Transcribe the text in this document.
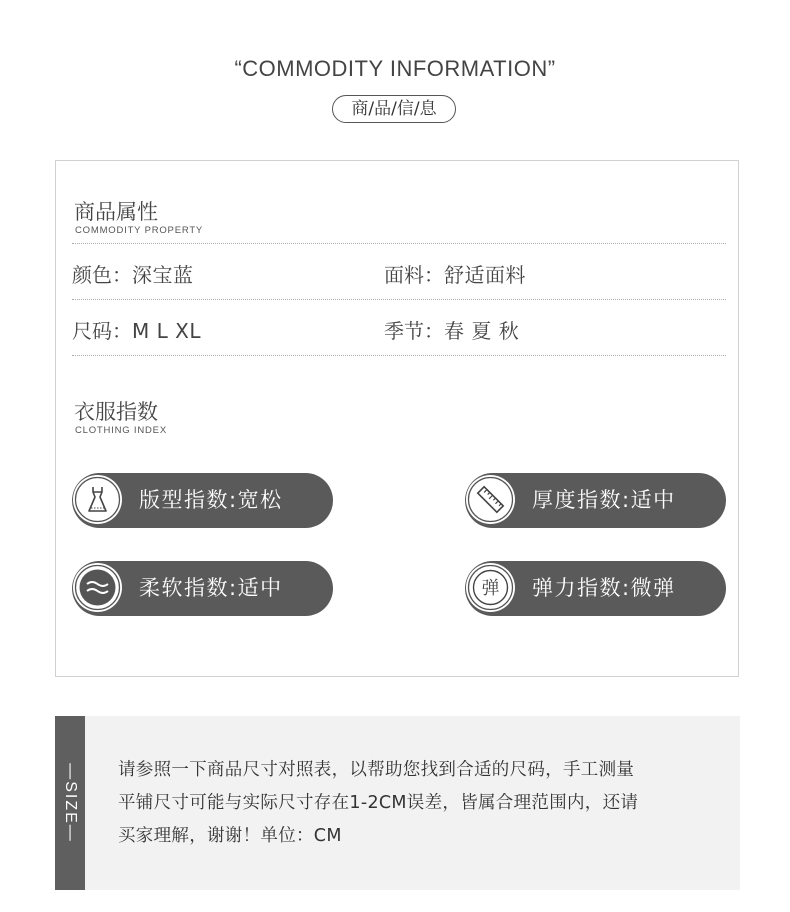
“COMMODITY INFORMATION”
商/品/信/息
商品属性
COMMODITY PROPERTY
颜色：深宝蓝	面料：舒适面料
尺码：M L XL	季节：春 夏 秋
衣服指数
CLOTHING INDEX
版型指数:宽松	厚度指数:适中
柔软指数:适中	弹 弹力指数:微弹
—SIZE— 请参照一下商品尺寸对照表，以帮助您找到合适的尺码，手工测量
平铺尺寸可能与实际尺寸存在1-2CM误差，皆属合理范围内，还请
买家理解，谢谢！单位：CM
